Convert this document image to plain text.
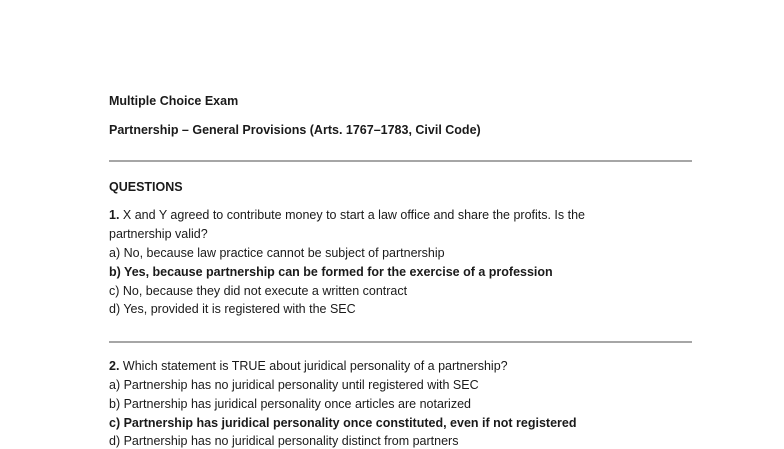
Multiple Choice Exam
Partnership – General Provisions (Arts. 1767–1783, Civil Code)
QUESTIONS
1. X and Y agreed to contribute money to start a law office and share the profits. Is the
partnership valid?
a) No, because law practice cannot be subject of partnership
b) Yes, because partnership can be formed for the exercise of a profession
c) No, because they did not execute a written contract
d) Yes, provided it is registered with the SEC
2. Which statement is TRUE about juridical personality of a partnership?
a) Partnership has no juridical personality until registered with SEC
b) Partnership has juridical personality once articles are notarized
c) Partnership has juridical personality once constituted, even if not registered
d) Partnership has no juridical personality distinct from partners
